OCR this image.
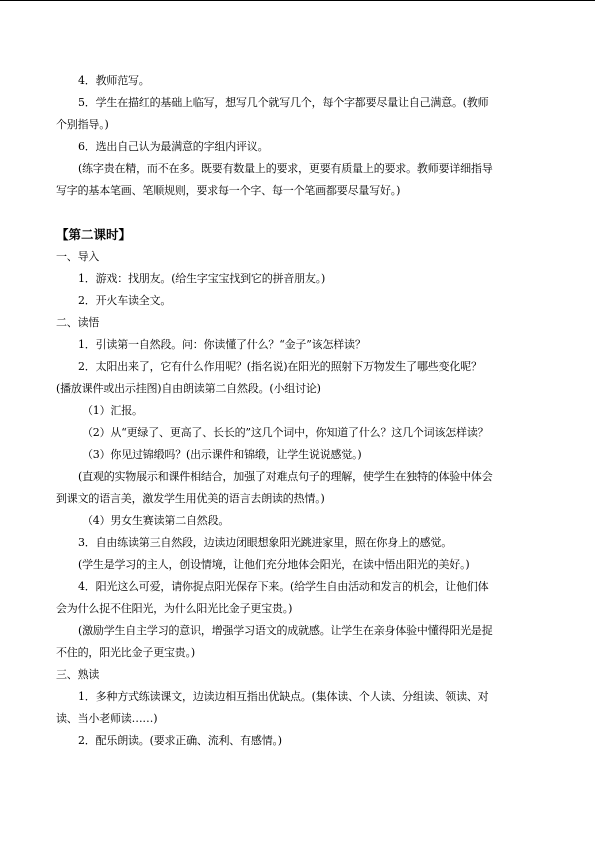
4．教师范写。
5．学生在描红的基础上临写，想写几个就写几个，每个字都要尽量让自己满意。(教师
个别指导。)
6．选出自己认为最满意的字组内评议。
(练字贵在精，而不在多。既要有数量上的要求，更要有质量上的要求。教师要详细指导
写字的基本笔画、笔顺规则，要求每一个字、每一个笔画都要尽量写好。)
【第二课时】
一、导入
1．游戏：找朋友。(给生字宝宝找到它的拼音朋友。)
2．开火车读全文。
二、读悟
1．引读第一自然段。问：你读懂了什么？“金子”该怎样读？
2．太阳出来了，它有什么作用呢？(指名说)在阳光的照射下万物发生了哪些变化呢？
(播放课件或出示挂图)自由朗读第二自然段。(小组讨论)
（1）汇报。
（2）从“更绿了、更高了、长长的”这几个词中，你知道了什么？这几个词该怎样读？
（3）你见过锦缎吗？(出示课件和锦缎，让学生说说感觉。)
(直观的实物展示和课件相结合，加强了对难点句子的理解，使学生在独特的体验中体会
到课文的语言美，激发学生用优美的语言去朗读的热情。)
（4）男女生赛读第二自然段。
3．自由练读第三自然段，边读边闭眼想象阳光跳进家里，照在你身上的感觉。
(学生是学习的主人，创设情境，让他们充分地体会阳光，在读中悟出阳光的美好。)
4．阳光这么可爱，请你捉点阳光保存下来。(给学生自由活动和发言的机会，让他们体
会为什么捉不住阳光，为什么阳光比金子更宝贵。)
(激励学生自主学习的意识，增强学习语文的成就感。让学生在亲身体验中懂得阳光是捉
不住的，阳光比金子更宝贵。)
三、熟读
1．多种方式练读课文，边读边相互指出优缺点。(集体读、个人读、分组读、领读、对
读、当小老师读……)
2．配乐朗读。(要求正确、流利、有感情。)
